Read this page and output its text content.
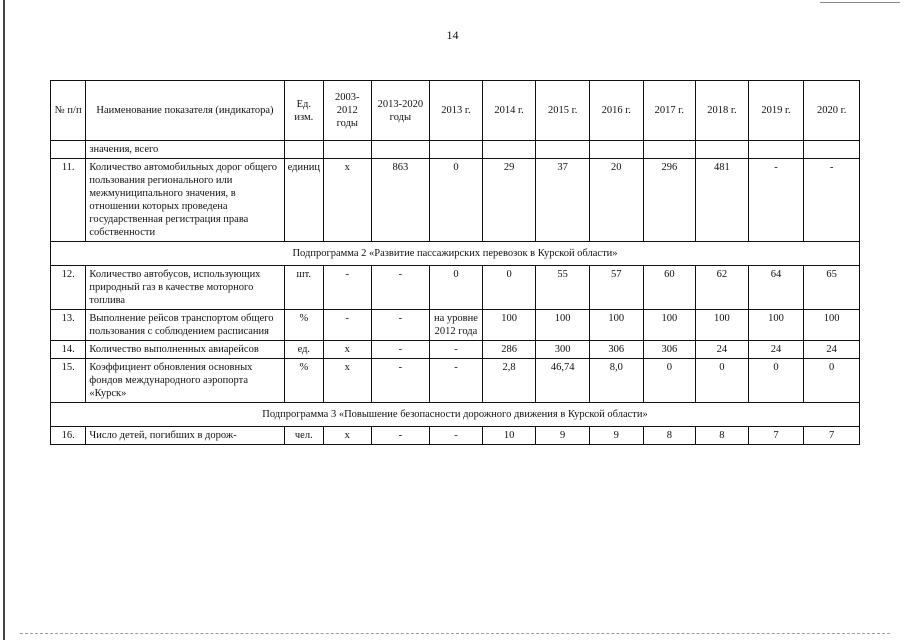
14
№ п/п	Наименование показателя (индикатора)	Ед. изм.	2003-2012 годы	2013-2020 годы	2013 г.	2014 г.	2015 г.	2016 г.	2017 г.	2018 г.	2019 г.	2020 г.
	значения, всего											
11.	Количество автомобильных дорог общего пользования регионального или межмуниципального значения, в отношении которых проведена государственная регистрация права собственности	единиц	x	863	0	29	37	20	296	481	-	-
Подпрограмма 2 «Развитие пассажирских перевозок в Курской области»												
12.	Количество автобусов, использующих природный газ в качестве моторного топлива	шт.	-	-	0	0	55	57	60	62	64	65
13.	Выполнение рейсов транспортом общего пользования с соблюдением расписания	%	-	-	на уровне 2012 года	100	100	100	100	100	100	100
14.	Количество выполненных авиарейсов	ед.	x	-	-	286	300	306	306	24	24	24
15.	Коэффициент обновления основных фондов международного аэропорта «Курск»	%	x	-	-	2,8	46,74	8,0	0	0	0	0
Подпрограмма 3 «Повышение безопасности дорожного движения в Курской области»												
16.	Число детей, погибших в дорож-	чел.	x	-	-	10	9	9	8	8	7	7
